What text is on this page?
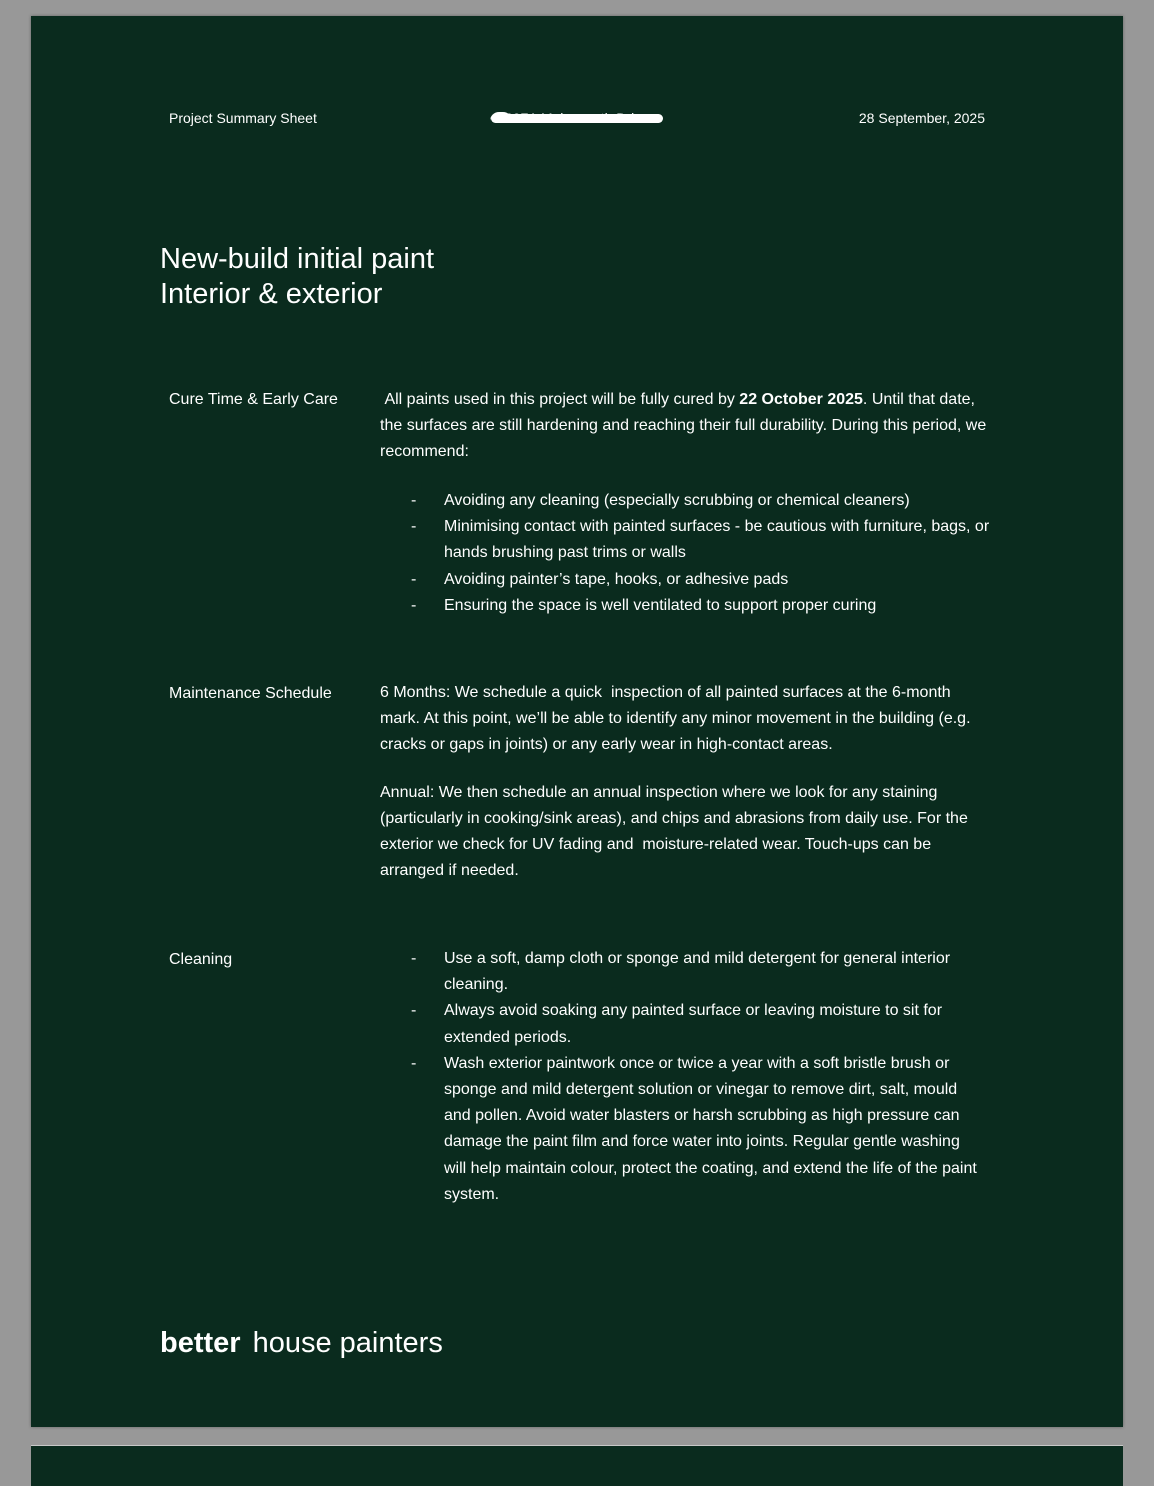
Project Summary Sheet	28 September, 2025
New-build initial paint
Interior & exterior
Cure Time & Early Care	All paints used in this project will be fully cured by 22 October 2025. Until that date, the surfaces are still hardening and reaching their full durability. During this period, we recommend:

- Avoiding any cleaning (especially scrubbing or chemical cleaners)
- Minimising contact with painted surfaces - be cautious with furniture, bags, or hands brushing past trims or walls
- Avoiding painter’s tape, hooks, or adhesive pads
- Ensuring the space is well ventilated to support proper curing
Maintenance Schedule	6 Months: We schedule a quick  inspection of all painted surfaces at the 6-month mark. At this point, we’ll be able to identify any minor movement in the building (e.g. cracks or gaps in joints) or any early wear in high-contact areas.

Annual: We then schedule an annual inspection where we look for any staining (particularly in cooking/sink areas), and chips and abrasions from daily use. For the exterior we check for UV fading and  moisture-related wear. Touch-ups can be arranged if needed.

Cleaning
-	Use a soft, damp cloth or sponge and mild detergent for general interior cleaning.
- Always avoid soaking any painted surface or leaving moisture to sit for extended periods.
- Wash exterior paintwork once or twice a year with a soft bristle brush or sponge and mild detergent solution or vinegar to remove dirt, salt, mould and pollen. Avoid water blasters or harsh scrubbing as high pressure can damage the paint film and force water into joints. Regular gentle washing will help maintain colour, protect the coating, and extend the life of the paint system.
better house painters
